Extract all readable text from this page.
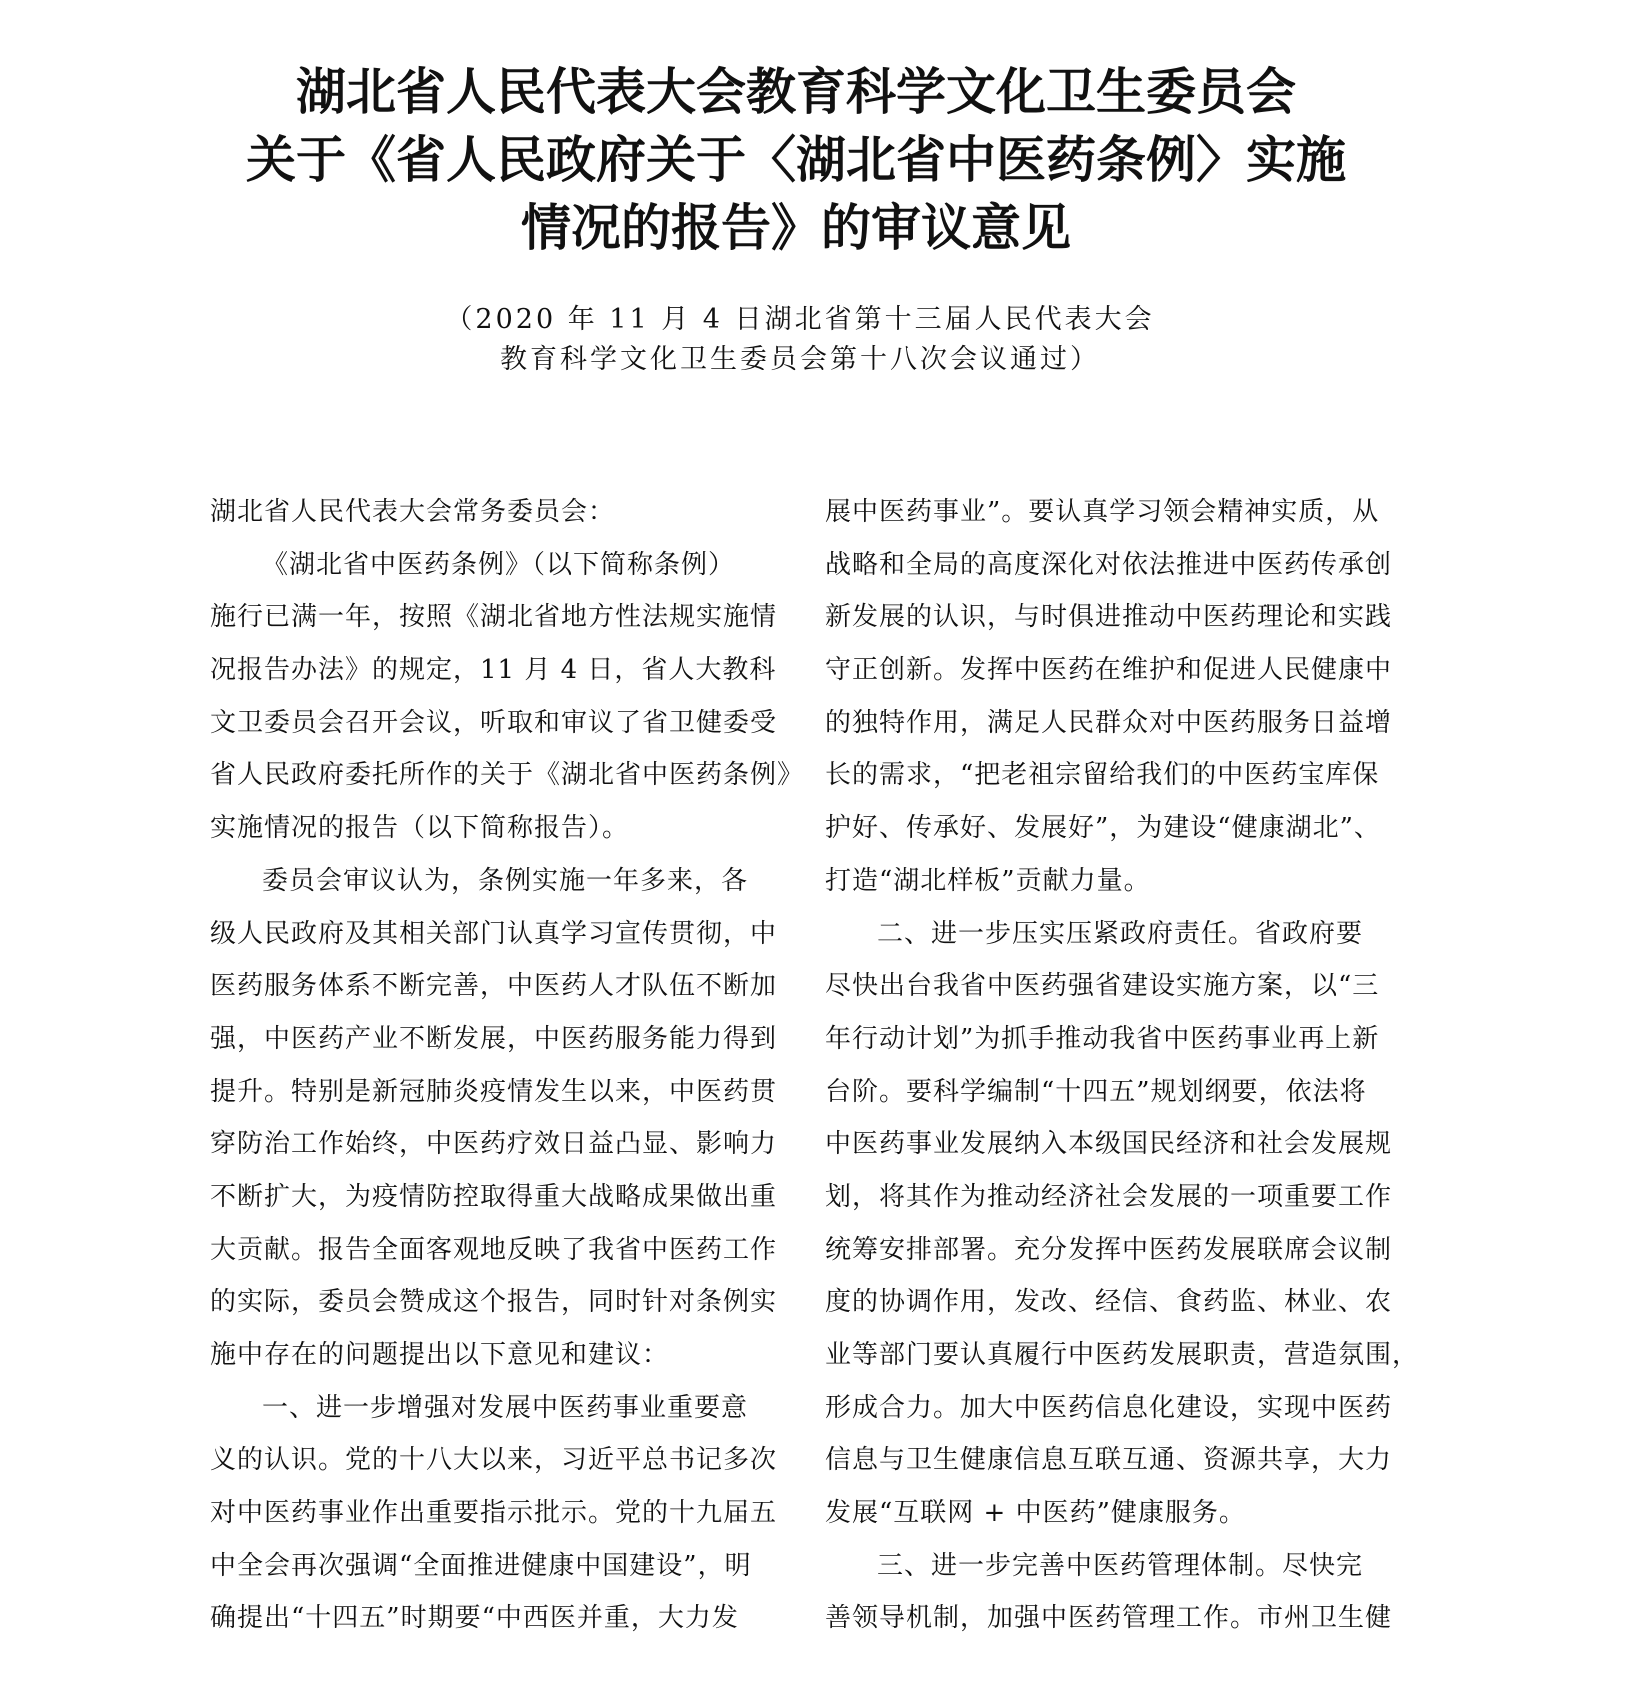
湖北省人民代表大会教育科学文化卫生委员会
关于《省人民政府关于〈湖北省中医药条例〉实施
情况的报告》的审议意见
（2020 年 11 月 4 日湖北省第十三届人民代表大会
教育科学文化卫生委员会第十八次会议通过）
湖北省人民代表大会常务委员会：
《湖北省中医药条例》（以下简称条例）
施行已满一年，按照《湖北省地方性法规实施情
况报告办法》的规定，11 月 4 日，省人大教科
文卫委员会召开会议，听取和审议了省卫健委受
省人民政府委托所作的关于《湖北省中医药条例》
实施情况的报告（以下简称报告）。
委员会审议认为，条例实施一年多来，各
级人民政府及其相关部门认真学习宣传贯彻，中
医药服务体系不断完善，中医药人才队伍不断加
强，中医药产业不断发展，中医药服务能力得到
提升。特别是新冠肺炎疫情发生以来，中医药贯
穿防治工作始终，中医药疗效日益凸显、影响力
不断扩大，为疫情防控取得重大战略成果做出重
大贡献。报告全面客观地反映了我省中医药工作
的实际，委员会赞成这个报告，同时针对条例实
施中存在的问题提出以下意见和建议：
一、进一步增强对发展中医药事业重要意
义的认识。党的十八大以来，习近平总书记多次
对中医药事业作出重要指示批示。党的十九届五
中全会再次强调“全面推进健康中国建设”，明
确提出“十四五”时期要“中西医并重，大力发
展中医药事业”。要认真学习领会精神实质，从
战略和全局的高度深化对依法推进中医药传承创
新发展的认识，与时俱进推动中医药理论和实践
守正创新。发挥中医药在维护和促进人民健康中
的独特作用，满足人民群众对中医药服务日益增
长的需求，“把老祖宗留给我们的中医药宝库保
护好、传承好、发展好”，为建设“健康湖北”、
打造“湖北样板”贡献力量。
二、进一步压实压紧政府责任。省政府要
尽快出台我省中医药强省建设实施方案，以“三
年行动计划”为抓手推动我省中医药事业再上新
台阶。要科学编制“十四五”规划纲要，依法将
中医药事业发展纳入本级国民经济和社会发展规
划，将其作为推动经济社会发展的一项重要工作
统筹安排部署。充分发挥中医药发展联席会议制
度的协调作用，发改、经信、食药监、林业、农
业等部门要认真履行中医药发展职责，营造氛围，
形成合力。加大中医药信息化建设，实现中医药
信息与卫生健康信息互联互通、资源共享，大力
发展“互联网 + 中医药”健康服务。
三、进一步完善中医药管理体制。尽快完
善领导机制，加强中医药管理工作。市州卫生健
